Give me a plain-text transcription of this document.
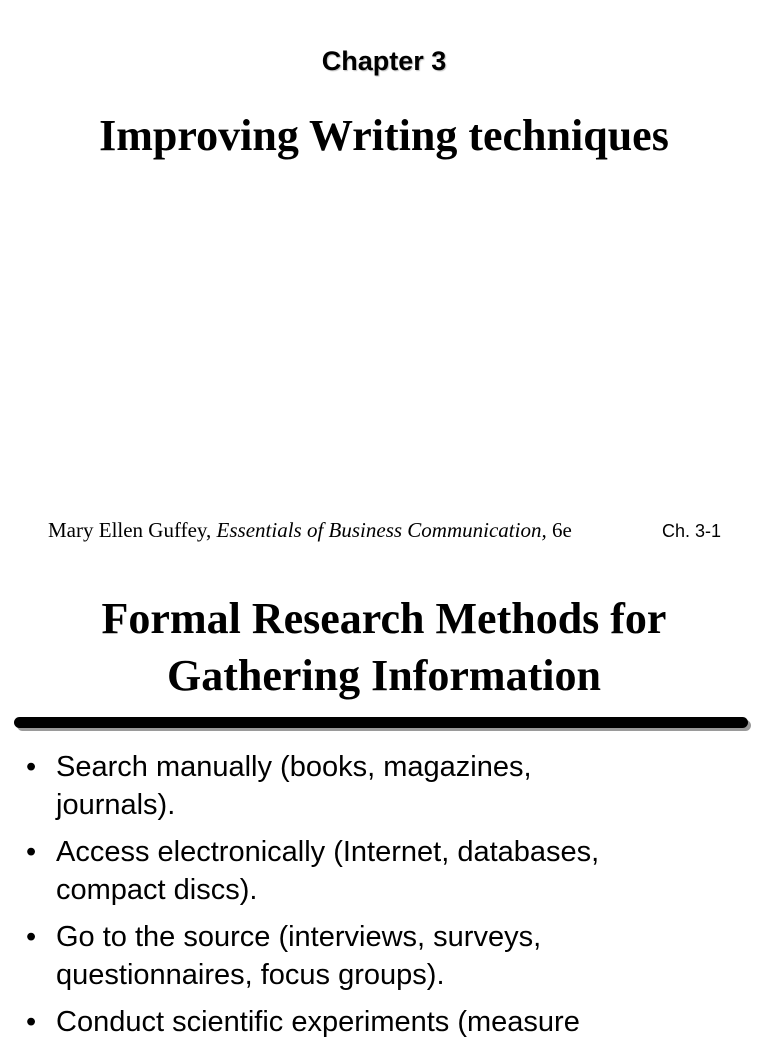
Chapter 3
Improving Writing techniques
Mary Ellen Guffey, Essentials of Business Communication, 6e	Ch. 3-1
Formal Research Methods for
Gathering Information
• Search manually (books, magazines,
journals).
• Access electronically (Internet, databases,
compact discs).
• Go to the source (interviews, surveys,
questionnaires, focus groups).
• Conduct scientific experiments (measure
